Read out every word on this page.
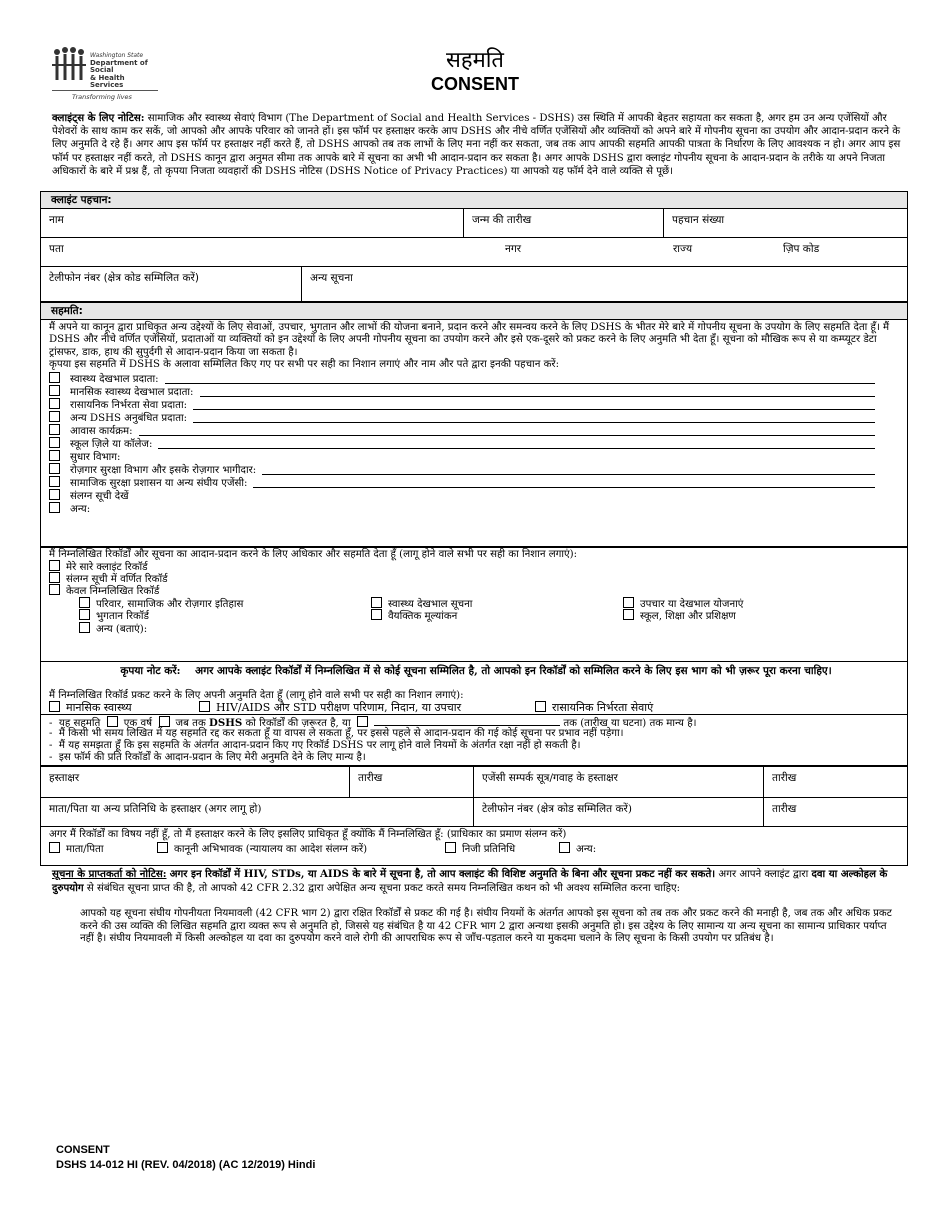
Washington State

Department of Social
& Health Services
Transforming lives
सहमति
CONSENT
क्लाइंट्स के लिए नोटिस: सामाजिक और स्वास्थ्य सेवाएं विभाग (The Department of Social and Health Services - DSHS) उस स्थिति में आपकी बेहतर सहायता कर सकता है, अगर हम उन अन्य एजेंसियों और पेशेवरों के साथ काम कर सकें, जो आपको और आपके परिवार को जानते हों। इस फॉर्म पर हस्ताक्षर करके आप DSHS और नीचे वर्णित एजेंसियों और व्यक्तियों को अपने बारे में गोपनीय सूचना का उपयोग और आदान-प्रदान करने के लिए अनुमति दे रहे हैं। अगर आप इस फॉर्म पर हस्ताक्षर नहीं करते हैं, तो DSHS आपको तब तक लाभों के लिए मना नहीं कर सकता, जब तक आप आपकी सहमति आपकी पात्रता के निर्धारण के लिए आवश्यक न हो। अगर आप इस फॉर्म पर हस्ताक्षर नहीं करते, तो DSHS कानून द्वारा अनुमत सीमा तक आपके बारे में सूचना का अभी भी आदान-प्रदान कर सकता है। अगर आपके DSHS द्वारा क्लाइंट गोपनीय सूचना के आदान-प्रदान के तरीके या अपने निजता अधिकारों के बारे में प्रश्न हैं, तो कृपया निजता व्यवहारों की DSHS नोटिस (DSHS Notice of Privacy Practices) या आपको यह फॉर्म देने वाले व्यक्ति से पूछें।
क्लाइंट पहचान:
नाम	जन्म की तारीख	पहचान संख्या
पता	नगर	राज्य	ज़िप कोड
टेलीफोन नंबर (क्षेत्र कोड सम्मिलित करें)	अन्य सूचना
सहमति:
मैं अपने या कानून द्वारा प्राधिकृत अन्य उद्देश्यों के लिए सेवाओं, उपचार, भुगतान और लाभों की योजना बनाने, प्रदान करने और समन्वय करने के लिए DSHS के भीतर मेरे बारे में गोपनीय सूचना के उपयोग के लिए सहमति देता हूँ। मैं DSHS और नीचे वर्णित एजेंसियों, प्रदाताओं या व्यक्तियों को इन उद्देश्यों के लिए अपनी गोपनीय सूचना का उपयोग करने और इसे एक-दूसरे को प्रकट करने के लिए अनुमति भी देता हूँ। सूचना को मौखिक रूप से या कम्प्यूटर डेटा ट्रांसफर, डाक, हाथ की सुपुर्दगी से आदान-प्रदान किया जा सकता है।
कृपया इस सहमति में DSHS के अलावा सम्मिलित किए गए पर सभी पर सही का निशान लगाएं और नाम और पते द्वारा इनकी पहचान करें:
स्वास्थ्य देखभाल प्रदाता:
मानसिक स्वास्थ्य देखभाल प्रदाता:
रासायनिक निर्भरता सेवा प्रदाता:
अन्य DSHS अनुबंधित प्रदाता:
आवास कार्यक्रम:
स्कूल ज़िले या कॉलेज:
सुधार विभाग:
रोज़गार सुरक्षा विभाग और इसके रोज़गार भागीदार:
सामाजिक सुरक्षा प्रशासन या अन्य संघीय एजेंसी:
संलग्न सूची देखें
अन्य:
मैं निम्नलिखित रिकॉर्डों और सूचना का आदान-प्रदान करने के लिए अधिकार और सहमति देता हूँ (लागू होने वाले सभी पर सही का निशान लगाएं):
मेरे सारे क्लाइंट रिकॉर्ड
संलग्न सूची में वर्णित रिकॉर्ड
केवल निम्नलिखित रिकॉर्ड
परिवार, सामाजिक और रोज़गार इतिहास
भुगतान रिकॉर्ड
अन्य (बताएं):
स्वास्थ्य देखभाल सूचना
वैयक्तिक मूल्यांकन
उपचार या देखभाल योजनाएं
स्कूल, शिक्षा और प्रशिक्षण
कृपया नोट करें: अगर आपके क्लाइंट रिकॉर्डों में निम्नलिखित में से कोई सूचना सम्मिलित है, तो आपको इन रिकॉर्डों को सम्मिलित करने के लिए इस भाग को भी ज़रूर पूरा करना चाहिए।
मैं निम्नलिखित रिकॉर्ड प्रकट करने के लिए अपनी अनुमति देता हूँ (लागू होने वाले सभी पर सही का निशान लगाएं):
मानसिक स्वास्थ्य	HIV/AIDS और STD परीक्षण परिणाम, निदान, या उपचार	रासायनिक निर्भरता सेवाएं
-  यह सहमति एक वर्ष जब तक DSHS को रिकॉर्डों की ज़रूरत है, या	तक (तारीख या घटना) तक मान्य है।
-  मैं किसी भी समय लिखित में यह सहमति रद्द कर सकता हूँ या वापस ले सकता हूँ, पर इससे पहले से आदान-प्रदान की गई कोई सूचना पर प्रभाव नहीं पड़ेगा।
-  मैं यह समझता हूँ कि इस सहमति के अंतर्गत आदान-प्रदान किए गए रिकॉर्ड DSHS पर लागू होने वाले नियमों के अंतर्गत रक्षा नहीं हो सकती है।
-  इस फॉर्म की प्रति रिकॉर्डों के आदान-प्रदान के लिए मेरी अनुमति देने के लिए मान्य है।
हस्ताक्षर	तारीख	एजेंसी सम्पर्क सूत्र/गवाह के हस्ताक्षर	तारीख
माता/पिता या अन्य प्रतिनिधि के हस्ताक्षर (अगर लागू हो)	टेलीफोन नंबर (क्षेत्र कोड सम्मिलित करें)	तारीख
अगर मैं रिकॉर्डों का विषय नहीं हूँ, तो मैं हस्ताक्षर करने के लिए इसलिए प्राधिकृत हूँ क्योंकि मैं निम्नलिखित हूँ: (प्राधिकार का प्रमाण संलग्न करें)
माता/पिता	कानूनी अभिभावक (न्यायालय का आदेश संलग्न करें)	निजी प्रतिनिधि	अन्य:
सूचना के प्राप्तकर्ता को नोटिस: अगर इन रिकॉर्डों में HIV, STDs, या AIDS के बारे में सूचना है, तो आप क्लाइंट की विशिष्ट अनुमति के बिना और सूचना प्रकट नहीं कर सकते। अगर आपने क्लाइंट द्वारा दवा या अल्कोहल के दुरुपयोग से संबंधित सूचना प्राप्त की है, तो आपको 42 CFR 2.32 द्वारा अपेक्षित अन्य सूचना प्रकट करते समय निम्नलिखित कथन को भी अवश्य सम्मिलित करना चाहिए:
आपको यह सूचना संघीय गोपनीयता नियमावली (42 CFR भाग 2) द्वारा रक्षित रिकॉर्डों से प्रकट की गई है। संघीय नियमों के अंतर्गत आपको इस सूचना को तब तक और प्रकट करने की मनाही है, जब तक और अधिक प्रकट करने की उस व्यक्ति की लिखित सहमति द्वारा व्यक्त रूप से अनुमति हो, जिससे यह संबंधित है या 42 CFR भाग 2 द्वारा अन्यथा इसकी अनुमति हो। इस उद्देश्य के लिए सामान्य या अन्य सूचना का सामान्य प्राधिकार पर्याप्त नहीं है। संघीय नियमावली में किसी अल्कोहल या दवा का दुरुपयोग करने वाले रोगी की आपराधिक रूप से जाँच-पड़ताल करने या मुकदमा चलाने के लिए सूचना के किसी उपयोग पर प्रतिबंध है।
CONSENT
DSHS 14-012 HI (REV. 04/2018) (AC 12/2019) Hindi
